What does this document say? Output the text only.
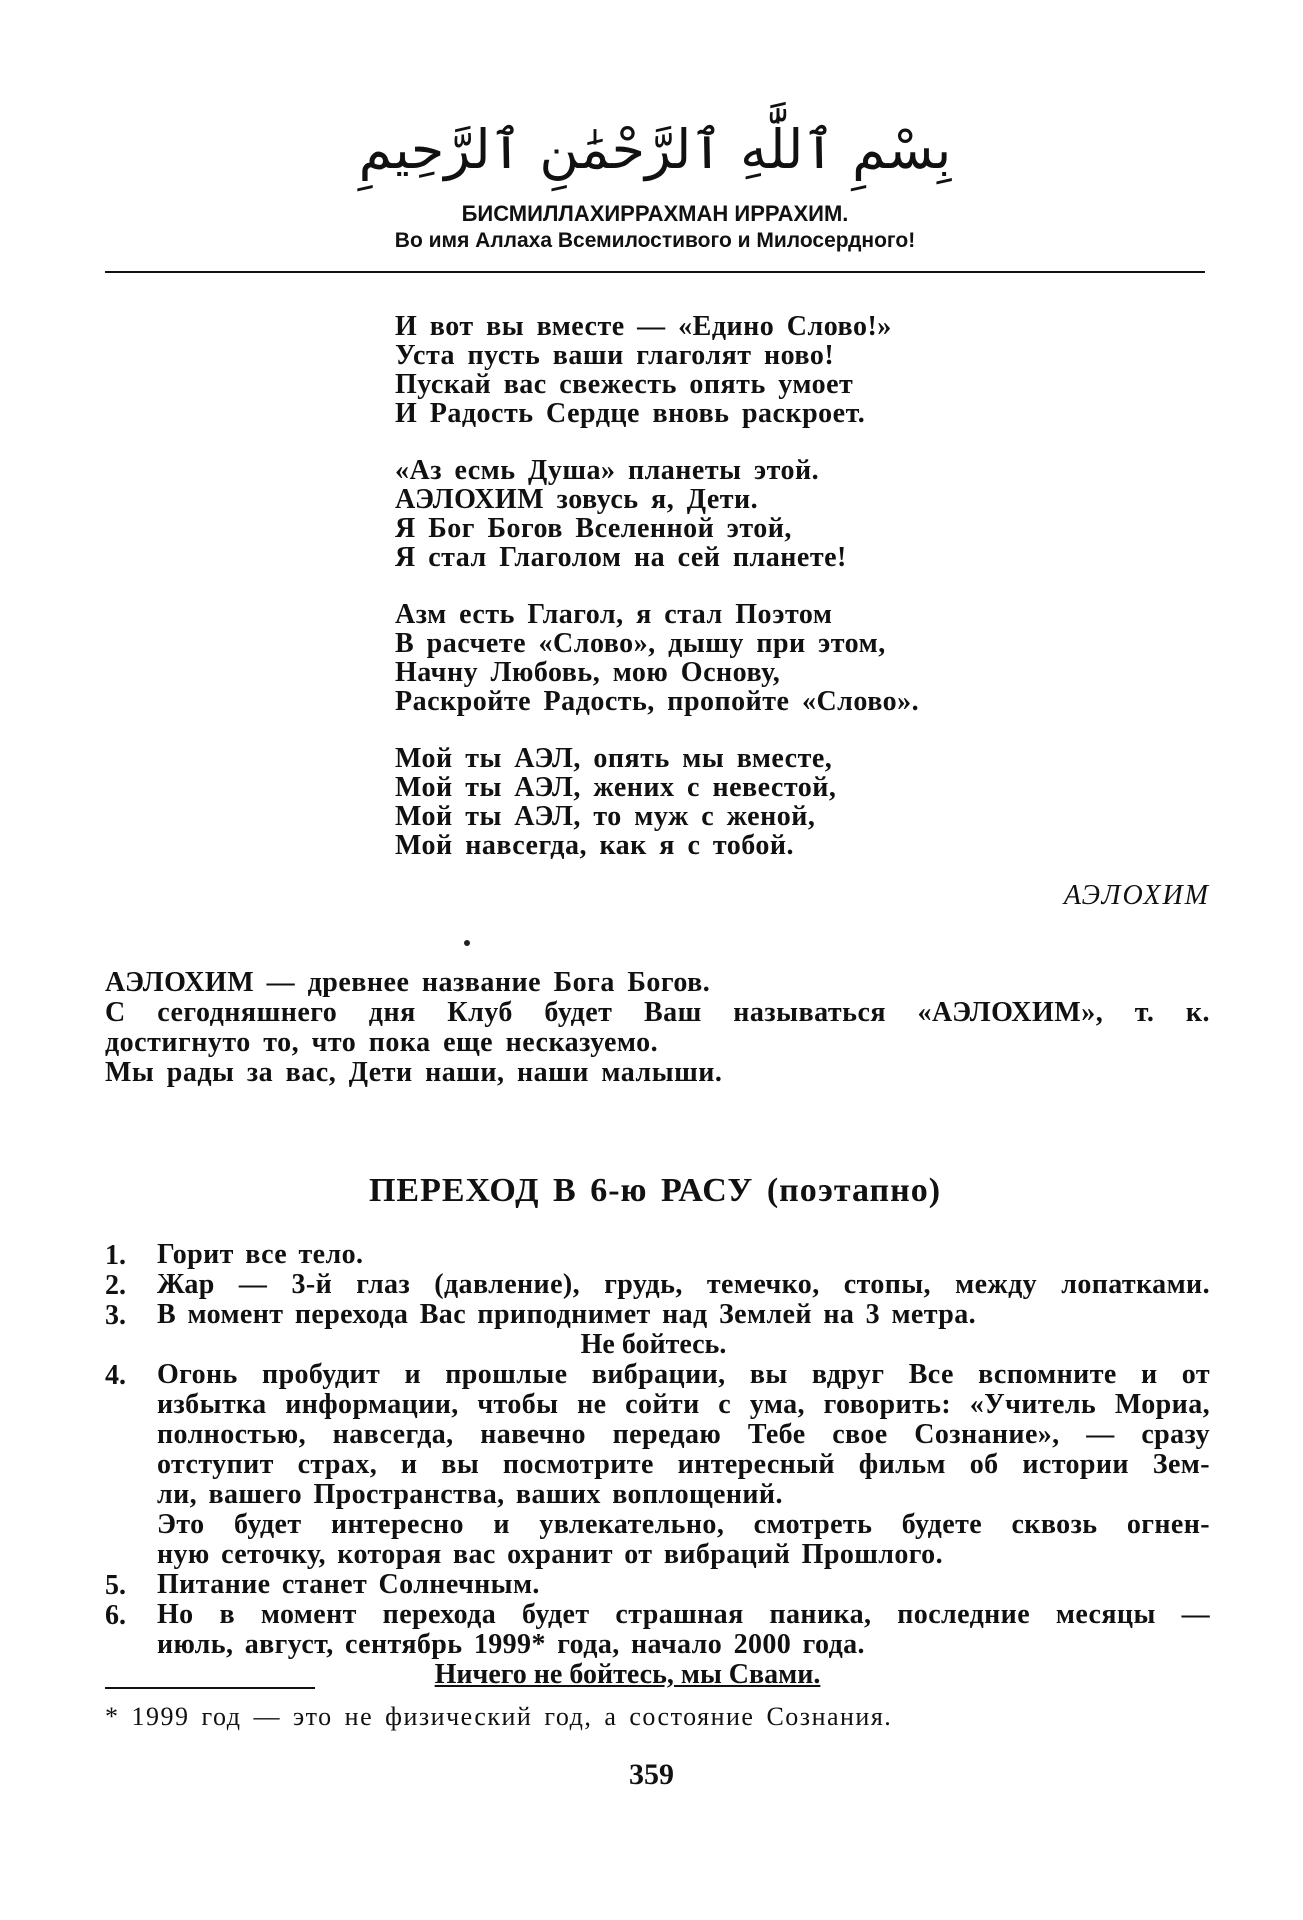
بِسْمِ ٱللَّٰهِ ٱلرَّحْمَٰنِ ٱلرَّحِيمِ
БИСМИЛЛАХИРРАХМАН ИРРАХИМ.
Во имя Аллаха Всемилостивого и Милосердного!
И вот вы вместе — «Едино Слово!»
Уста пусть ваши глаголят ново!
Пускай вас свежесть опять умоет
И Радость Сердце вновь раскроет.
«Аз есмь Душа» планеты этой.
АЭЛОХИМ зовусь я, Дети.
Я Бог Богов Вселенной этой,
Я стал Глаголом на сей планете!
Азм есть Глагол, я стал Поэтом
В расчете «Слово», дышу при этом,
Начну Любовь, мою Основу,
Раскройте Радость, пропойте «Слово».
Мой ты АЭЛ, опять мы вместе,
Мой ты АЭЛ, жених с невестой,
Мой ты АЭЛ, то муж с женой,
Мой навсегда, как я с тобой.
АЭЛОХИМ
АЭЛОХИМ — древнее название Бога Богов.
С сегодняшнего дня Клуб будет Ваш называться «АЭЛОХИМ», т. к.
достигнуто то, что пока еще несказуемо.
Мы рады за вас, Дети наши, наши малыши.
ПЕРЕХОД В 6-ю РАСУ (поэтапно)
1. Горит все тело.
2. Жар — 3-й глаз (давление), грудь, темечко, стопы, между лопатками.
3. В момент перехода Вас приподнимет над Землей на 3 метра.
Не бойтесь.
4. Огонь пробудит и прошлые вибрации, вы вдруг Все вспомните и от
избытка информации, чтобы не сойти с ума, говорить: «Учитель Мориа,
полностью, навсегда, навечно передаю Тебе свое Сознание», — сразу
отступит страх, и вы посмотрите интересный фильм об истории Зем-
ли, вашего Пространства, ваших воплощений.
Это будет интересно и увлекательно, смотреть будете сквозь огнен-
ную сеточку, которая вас охранит от вибраций Прошлого.
5. Питание станет Солнечным.
6. Но в момент перехода будет страшная паника, последние месяцы —
июль, август, сентябрь 1999* года, начало 2000 года.
Ничего не бойтесь, мы Свами.
* 1999 год — это не физический год, а состояние Сознания.
359
